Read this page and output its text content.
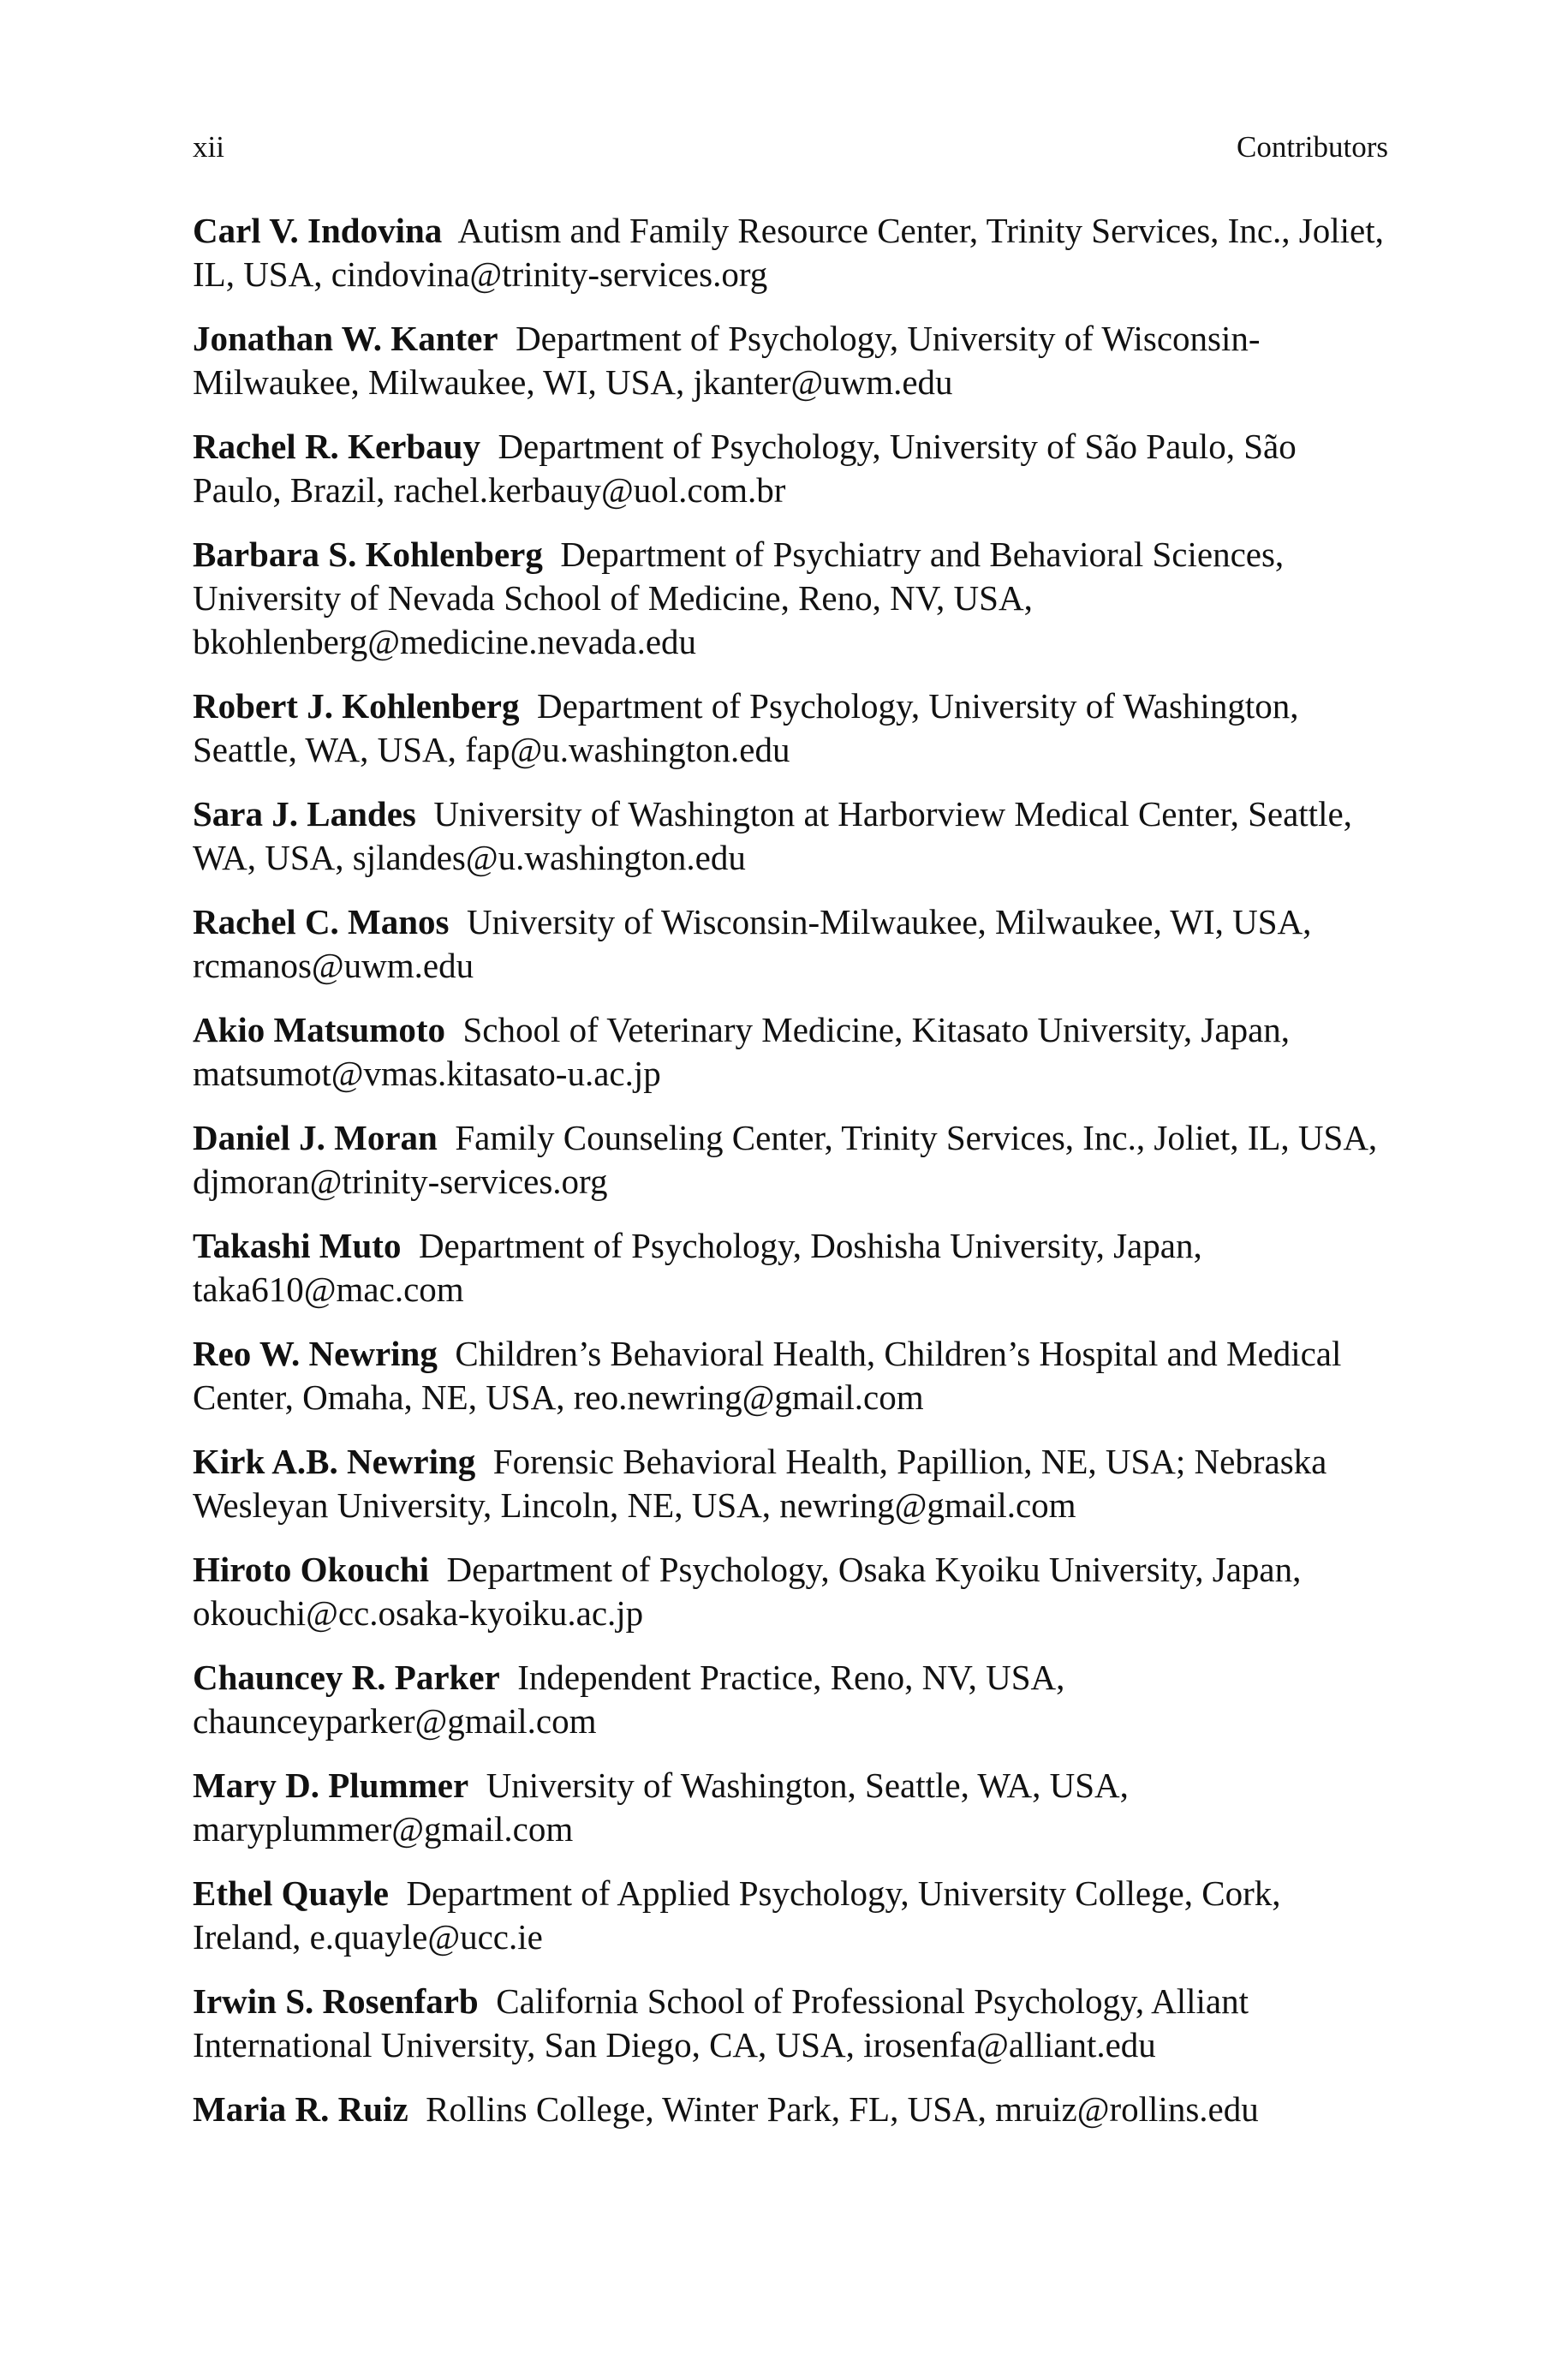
xii	Contributors
Carl V. Indovina Autism and Family Resource Center, Trinity Services, Inc., Joliet, IL, USA, cindovina@trinity-services.org
Jonathan W. Kanter Department of Psychology, University of Wisconsin-Milwaukee, Milwaukee, WI, USA, jkanter@uwm.edu
Rachel R. Kerbauy Department of Psychology, University of São Paulo, São Paulo, Brazil, rachel.kerbauy@uol.com.br
Barbara S. Kohlenberg Department of Psychiatry and Behavioral Sciences, University of Nevada School of Medicine, Reno, NV, USA, bkohlenberg@medicine.nevada.edu
Robert J. Kohlenberg Department of Psychology, University of Washington, Seattle, WA, USA, fap@u.washington.edu
Sara J. Landes University of Washington at Harborview Medical Center, Seattle, WA, USA, sjlandes@u.washington.edu
Rachel C. Manos University of Wisconsin-Milwaukee, Milwaukee, WI, USA, rcmanos@uwm.edu
Akio Matsumoto School of Veterinary Medicine, Kitasato University, Japan, matsumot@vmas.kitasato-u.ac.jp
Daniel J. Moran Family Counseling Center, Trinity Services, Inc., Joliet, IL, USA, djmoran@trinity-services.org
Takashi Muto Department of Psychology, Doshisha University, Japan, taka610@mac.com
Reo W. Newring Children’s Behavioral Health, Children’s Hospital and Medical Center, Omaha, NE, USA, reo.newring@gmail.com
Kirk A.B. Newring Forensic Behavioral Health, Papillion, NE, USA; Nebraska Wesleyan University, Lincoln, NE, USA, newring@gmail.com
Hiroto Okouchi Department of Psychology, Osaka Kyoiku University, Japan, okouchi@cc.osaka-kyoiku.ac.jp
Chauncey R. Parker Independent Practice, Reno, NV, USA, chaunceyparker@gmail.com
Mary D. Plummer University of Washington, Seattle, WA, USA, maryplummer@gmail.com
Ethel Quayle Department of Applied Psychology, University College, Cork, Ireland, e.quayle@ucc.ie
Irwin S. Rosenfarb California School of Professional Psychology, Alliant International University, San Diego, CA, USA, irosenfa@alliant.edu
Maria R. Ruiz Rollins College, Winter Park, FL, USA, mruiz@rollins.edu
